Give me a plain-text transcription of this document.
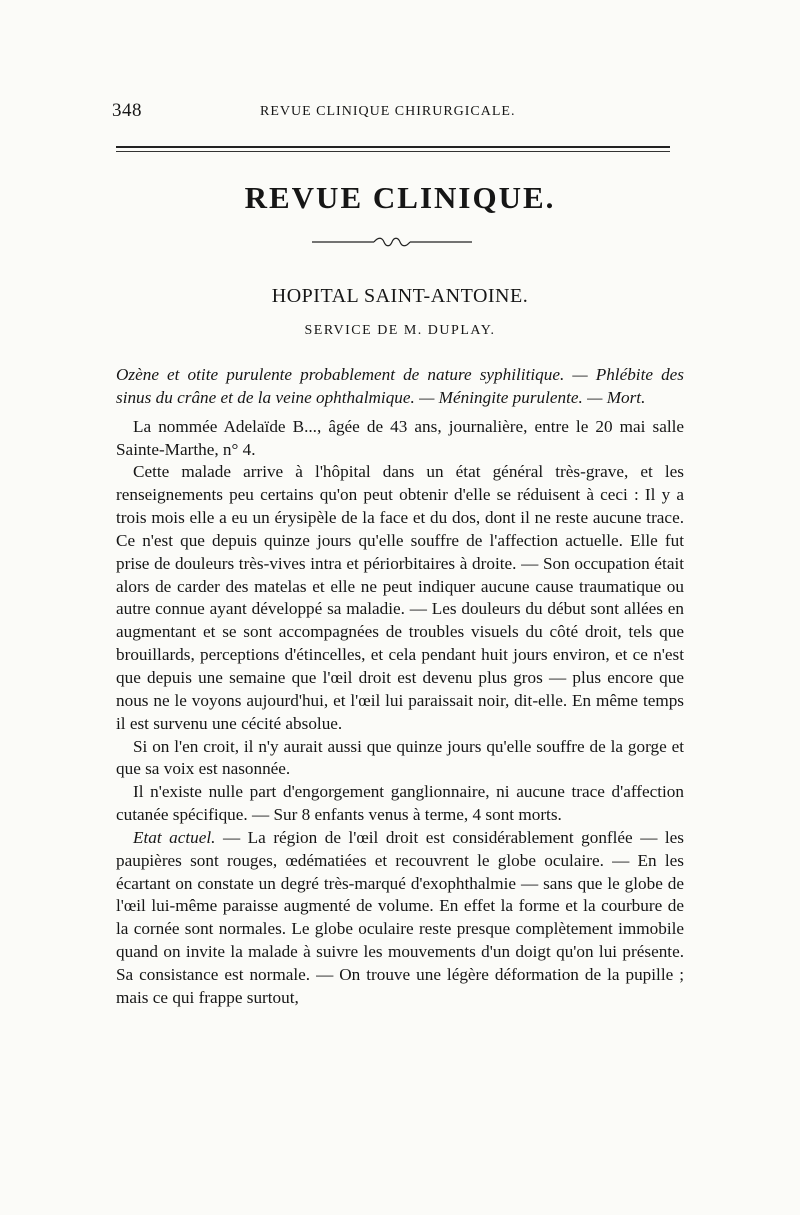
348	REVUE CLINIQUE CHIRURGICALE.
REVUE CLINIQUE.
HOPITAL SAINT-ANTOINE.
SERVICE DE M. DUPLAY.

Ozène et otite purulente probablement de nature syphilitique. — Phlébite des sinus du crâne et de la veine ophthalmique. — Méningite purulente. — Mort.

La nommée Adelaïde B..., âgée de 43 ans, journalière, entre le 20 mai salle Sainte-Marthe, n° 4.

Cette malade arrive à l'hôpital dans un état général très-grave, et les renseignements peu certains qu'on peut obtenir d'elle se réduisent à ceci : Il y a trois mois elle a eu un érysipèle de la face et du dos, dont il ne reste aucune trace. Ce n'est que depuis quinze jours qu'elle souffre de l'affection actuelle. Elle fut prise de douleurs très-vives intra et périorbitaires à droite. — Son occupation était alors de carder des matelas et elle ne peut indiquer aucune cause traumatique ou autre connue ayant développé sa maladie. — Les douleurs du début sont allées en augmentant et se sont accompagnées de troubles visuels du côté droit, tels que brouillards, perceptions d'étincelles, et cela pendant huit jours environ, et ce n'est que depuis une semaine que l'œil droit est devenu plus gros — plus encore que nous ne le voyons aujourd'hui, et l'œil lui paraissait noir, dit-elle. En même temps il est survenu une cécité absolue.

Si on l'en croit, il n'y aurait aussi que quinze jours qu'elle souffre de la gorge et que sa voix est nasonnée.

Il n'existe nulle part d'engorgement ganglionnaire, ni aucune trace d'affection cutanée spécifique. — Sur 8 enfants venus à terme, 4 sont morts.

Etat actuel. — La région de l'œil droit est considérablement gonflée — les paupières sont rouges, œdématiées et recouvrent le globe oculaire. — En les écartant on constate un degré très-marqué d'exophthalmie — sans que le globe de l'œil lui-même paraisse augmenté de volume. En effet la forme et la courbure de la cornée sont normales. Le globe oculaire reste presque complètement immobile quand on invite la malade à suivre les mouvements d'un doigt qu'on lui présente. Sa consistance est normale. — On trouve une légère déformation de la pupille ; mais ce qui frappe surtout,
